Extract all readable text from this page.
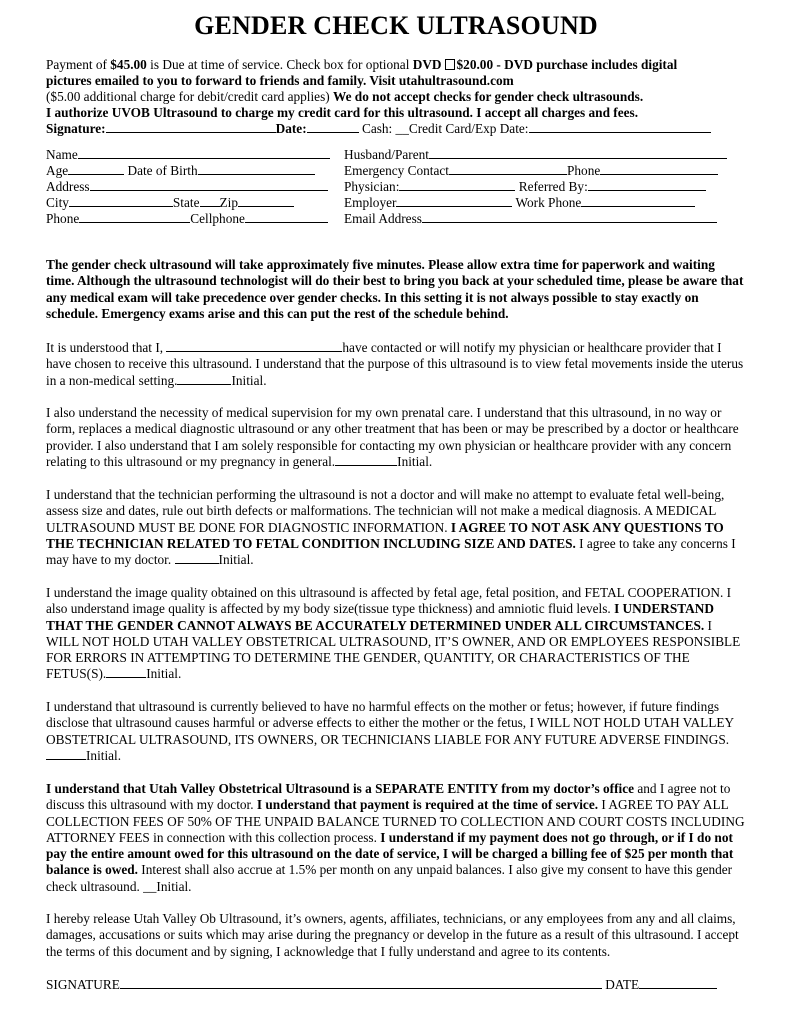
GENDER CHECK ULTRASOUND
Payment of $45.00 is Due at time of service. Check box for optional DVD $20.00 - DVD purchase includes digital
pictures emailed to you to forward to friends and family. Visit utahultrasound.com
($5.00 additional charge for debit/credit card applies) We do not accept checks for gender check ultrasounds.
I authorize UVOB Ultrasound to charge my credit card for this ultrasound. I accept all charges and fees.
Signature:	Date:	Cash: __Credit Card/Exp Date:
Name	Husband/Parent
Age	Date of Birth	Emergency Contact	Phone
Address	Physician:	Referred By:
City	State Zip	Employer	Work Phone
Phone	Cellphone	Email Address

The gender check ultrasound will take approximately five minutes. Please allow extra time for paperwork and waiting time. Although the ultrasound technologist will do their best to bring you back at your scheduled time, please be aware that any medical exam will take precedence over gender checks. In this setting it is not always possible to stay exactly on schedule. Emergency exams arise and this can put the rest of the schedule behind.

It is understood that I,	have contacted or will notify my physician or healthcare provider that I have chosen to receive this ultrasound. I understand that the purpose of this ultrasound is to view fetal movements inside the uterus in a non-medical setting.	Initial.

I also understand the necessity of medical supervision for my own prenatal care. I understand that this ultrasound, in no way or form, replaces a medical diagnostic ultrasound or any other treatment that has been or may be prescribed by a doctor or healthcare provider. I also understand that I am solely responsible for contacting my own physician or healthcare provider with any concern relating to this ultrasound or my pregnancy in general.	Initial.

I understand that the technician performing the ultrasound is not a doctor and will make no attempt to evaluate fetal well-being, assess size and dates, rule out birth defects or malformations. The technician will not make a medical diagnosis. A MEDICAL ULTRASOUND MUST BE DONE FOR DIAGNOSTIC INFORMATION. I AGREE TO NOT ASK ANY QUESTIONS TO THE TECHNICIAN RELATED TO FETAL CONDITION INCLUDING SIZE AND DATES. I agree to take any concerns I may have to my doctor.	Initial.

I understand the image quality obtained on this ultrasound is affected by fetal age, fetal position, and FETAL COOPERATION. I also understand image quality is affected by my body size(tissue type thickness) and amniotic fluid levels. I UNDERSTAND THAT THE GENDER CANNOT ALWAYS BE ACCURATELY DETERMINED UNDER ALL CIRCUMSTANCES. I WILL NOT HOLD UTAH VALLEY OBSTETRICAL ULTRASOUND, IT’S OWNER, AND OR EMPLOYEES RESPONSIBLE FOR ERRORS IN ATTEMPTING TO DETERMINE THE GENDER, QUANTITY, OR CHARACTERISTICS OF THE FETUS(S).	Initial.

I understand that ultrasound is currently believed to have no harmful effects on the mother or fetus; however, if future findings disclose that ultrasound causes harmful or adverse effects to either the mother or the fetus, I WILL NOT HOLD UTAH VALLEY OBSTETRICAL ULTRASOUND, ITS OWNERS, OR TECHNICIANS LIABLE FOR ANY FUTURE ADVERSE FINDINGS.Initial.

I understand that Utah Valley Obstetrical Ultrasound is a SEPARATE ENTITY from my doctor’s office and I agree not to discuss this ultrasound with my doctor. I understand that payment is required at the time of service. I AGREE TO PAY ALL COLLECTION FEES OF 50% OF THE UNPAID BALANCE TURNED TO COLLECTION AND COURT COSTS INCLUDING ATTORNEY FEES in connection with this collection process. I understand if my payment does not go through, or if I do not pay the entire amount owed for this ultrasound on the date of service, I will be charged a billing fee of $25 per month that balance is owed. Interest shall also accrue at 1.5% per month on any unpaid balances. I also give my consent to have this gender check ultrasound. __Initial.

I hereby release Utah Valley Ob Ultrasound, it’s owners, agents, affiliates, technicians, or any employees from any and all claims, damages, accusations or suits which may arise during the pregnancy or develop in the future as a result of this ultrasound. I accept the terms of this document and by signing, I acknowledge that I fully understand and agree to its contents.

SIGNATURE	DATE
